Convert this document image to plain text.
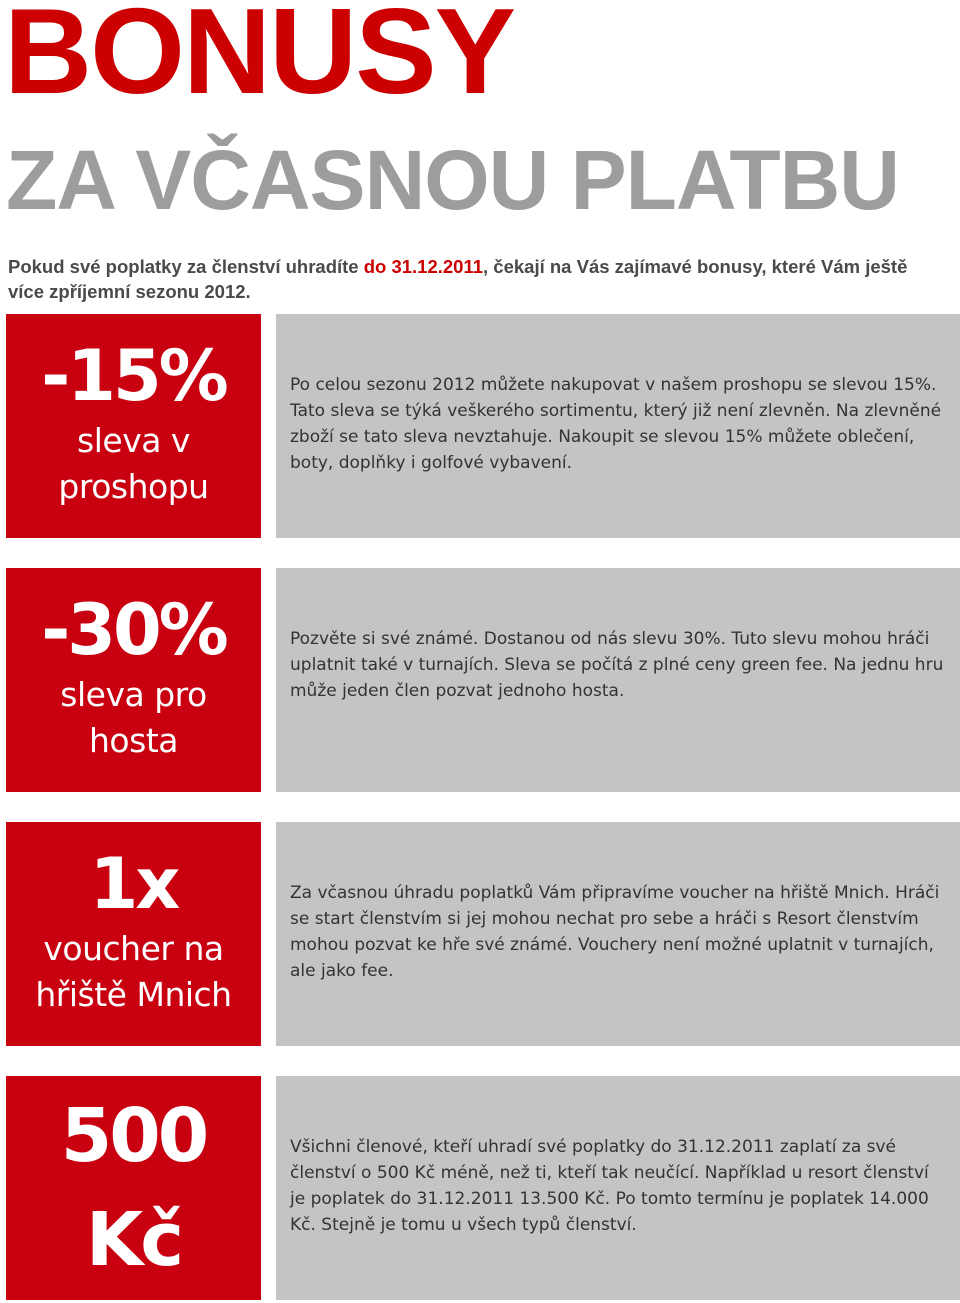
BONUSY
ZA VČASNOU PLATBU

Pokud své poplatky za členství uhradíte do 31.12.2011, čekají na Vás zajímavé bonusy, které Vám ještě více zpříjemní sezonu 2012.

-15%
sleva v proshopu
Po celou sezonu 2012 můžete nakupovat v našem proshopu se slevou 15%. Tato sleva se týká veškerého sortimentu, který již není zlevněn. Na zlevněné zboží se tato sleva nevztahuje. Nakoupit se slevou 15% můžete oblečení, boty, doplňky i golfové vybavení.
-30%
sleva pro hosta
Pozvěte si své známé. Dostanou od nás slevu 30%. Tuto slevu mohou hráči uplatnit také v turnajích. Sleva se počítá z plné ceny green fee. Na jednu hru může jeden člen pozvat jednoho hosta.
1x
voucher na hřiště Mnich
Za včasnou úhradu poplatků Vám připravíme voucher na hřiště Mnich. Hráči se start členstvím si jej mohou nechat pro sebe a hráči s Resort členstvím mohou pozvat ke hře své známé. Vouchery není možné uplatnit v turnajích, ale jako fee.
500 Kč
Všichni členové, kteří uhradí své poplatky do 31.12.2011 zaplatí za své členství o 500 Kč méně, než ti, kteří tak neučící. Například u resort členství je poplatek do 31.12.2011 13.500 Kč. Po tomto termínu je poplatek 14.000 Kč. Stejně je tomu u všech typů členství.
